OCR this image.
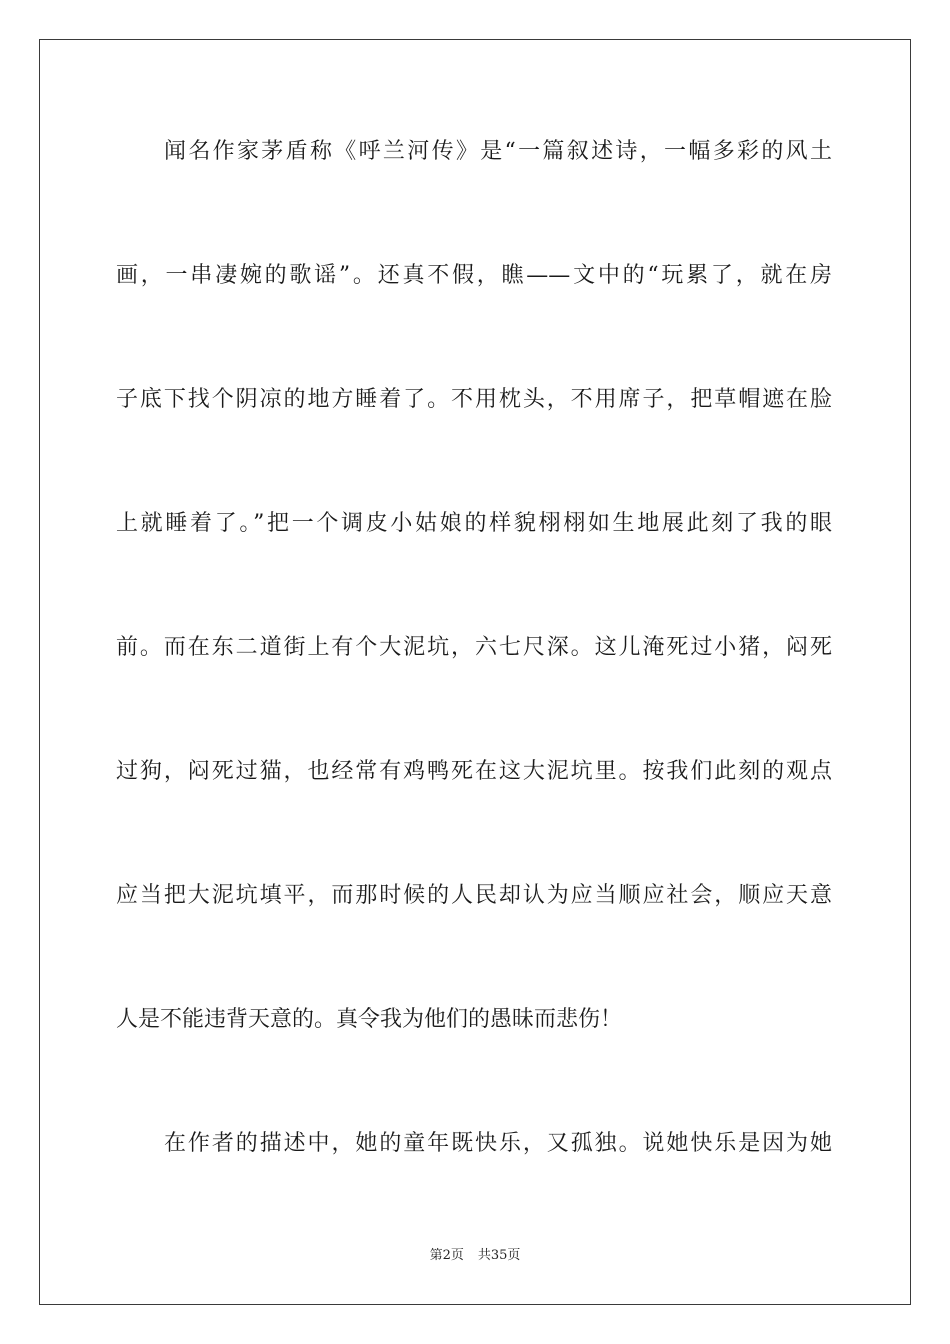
闻名作家茅盾称《呼兰河传》是“一篇叙述诗，一幅多彩的风土
画，一串凄婉的歌谣”。还真不假，瞧——文中的“玩累了，就在房
子底下找个阴凉的地方睡着了。不用枕头，不用席子，把草帽遮在脸
上就睡着了。”把一个调皮小姑娘的样貌栩栩如生地展此刻了我的眼
前。而在东二道街上有个大泥坑，六七尺深。这儿淹死过小猪，闷死
过狗，闷死过猫，也经常有鸡鸭死在这大泥坑里。按我们此刻的观点
应当把大泥坑填平，而那时候的人民却认为应当顺应社会，顺应天意
人是不能违背天意的。真令我为他们的愚昧而悲伤！
在作者的描述中，她的童年既快乐，又孤独。说她快乐是因为她
第2页 共35页
